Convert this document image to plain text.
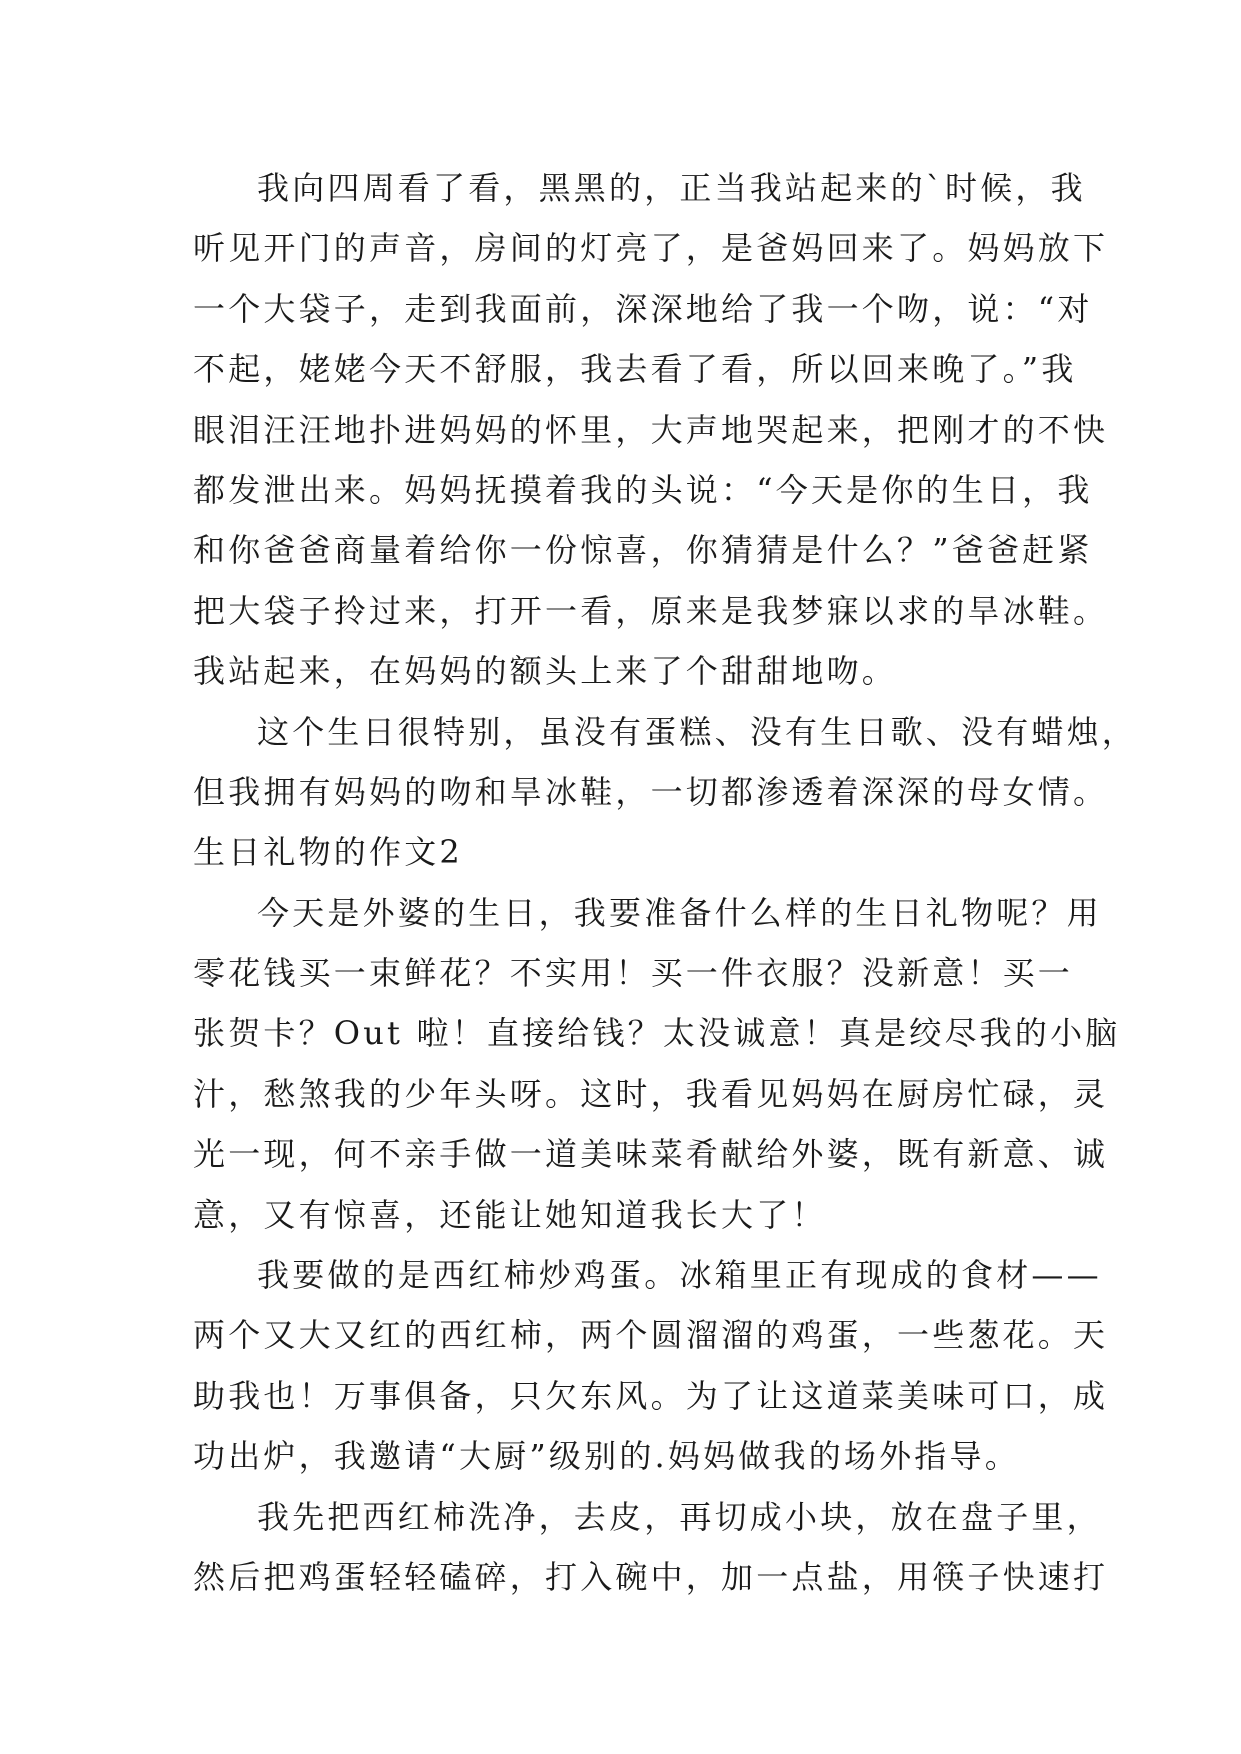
我向四周看了看，黑黑的，正当我站起来的`时候，我
听见开门的声音，房间的灯亮了，是爸妈回来了。妈妈放下
一个大袋子，走到我面前，深深地给了我一个吻，说：“对
不起，姥姥今天不舒服，我去看了看，所以回来晚了。”我
眼泪汪汪地扑进妈妈的怀里，大声地哭起来，把刚才的不快
都发泄出来。妈妈抚摸着我的头说：“今天是你的生日，我
和你爸爸商量着给你一份惊喜，你猜猜是什么？”爸爸赶紧
把大袋子拎过来，打开一看，原来是我梦寐以求的旱冰鞋。
我站起来，在妈妈的额头上来了个甜甜地吻。
这个生日很特别，虽没有蛋糕、没有生日歌、没有蜡烛，
但我拥有妈妈的吻和旱冰鞋，一切都渗透着深深的母女情。
生日礼物的作文2
今天是外婆的生日，我要准备什么样的生日礼物呢？用
零花钱买一束鲜花？不实用！买一件衣服？没新意！买一
张贺卡？Out 啦！直接给钱？太没诚意！真是绞尽我的小脑
汁，愁煞我的少年头呀。这时，我看见妈妈在厨房忙碌，灵
光一现，何不亲手做一道美味菜肴献给外婆，既有新意、诚
意，又有惊喜，还能让她知道我长大了！
我要做的是西红柿炒鸡蛋。冰箱里正有现成的食材——
两个又大又红的西红柿，两个圆溜溜的鸡蛋，一些葱花。天
助我也！万事俱备，只欠东风。为了让这道菜美味可口，成
功出炉，我邀请“大厨”级别的.妈妈做我的场外指导。
我先把西红柿洗净，去皮，再切成小块，放在盘子里，
然后把鸡蛋轻轻磕碎，打入碗中，加一点盐，用筷子快速打
